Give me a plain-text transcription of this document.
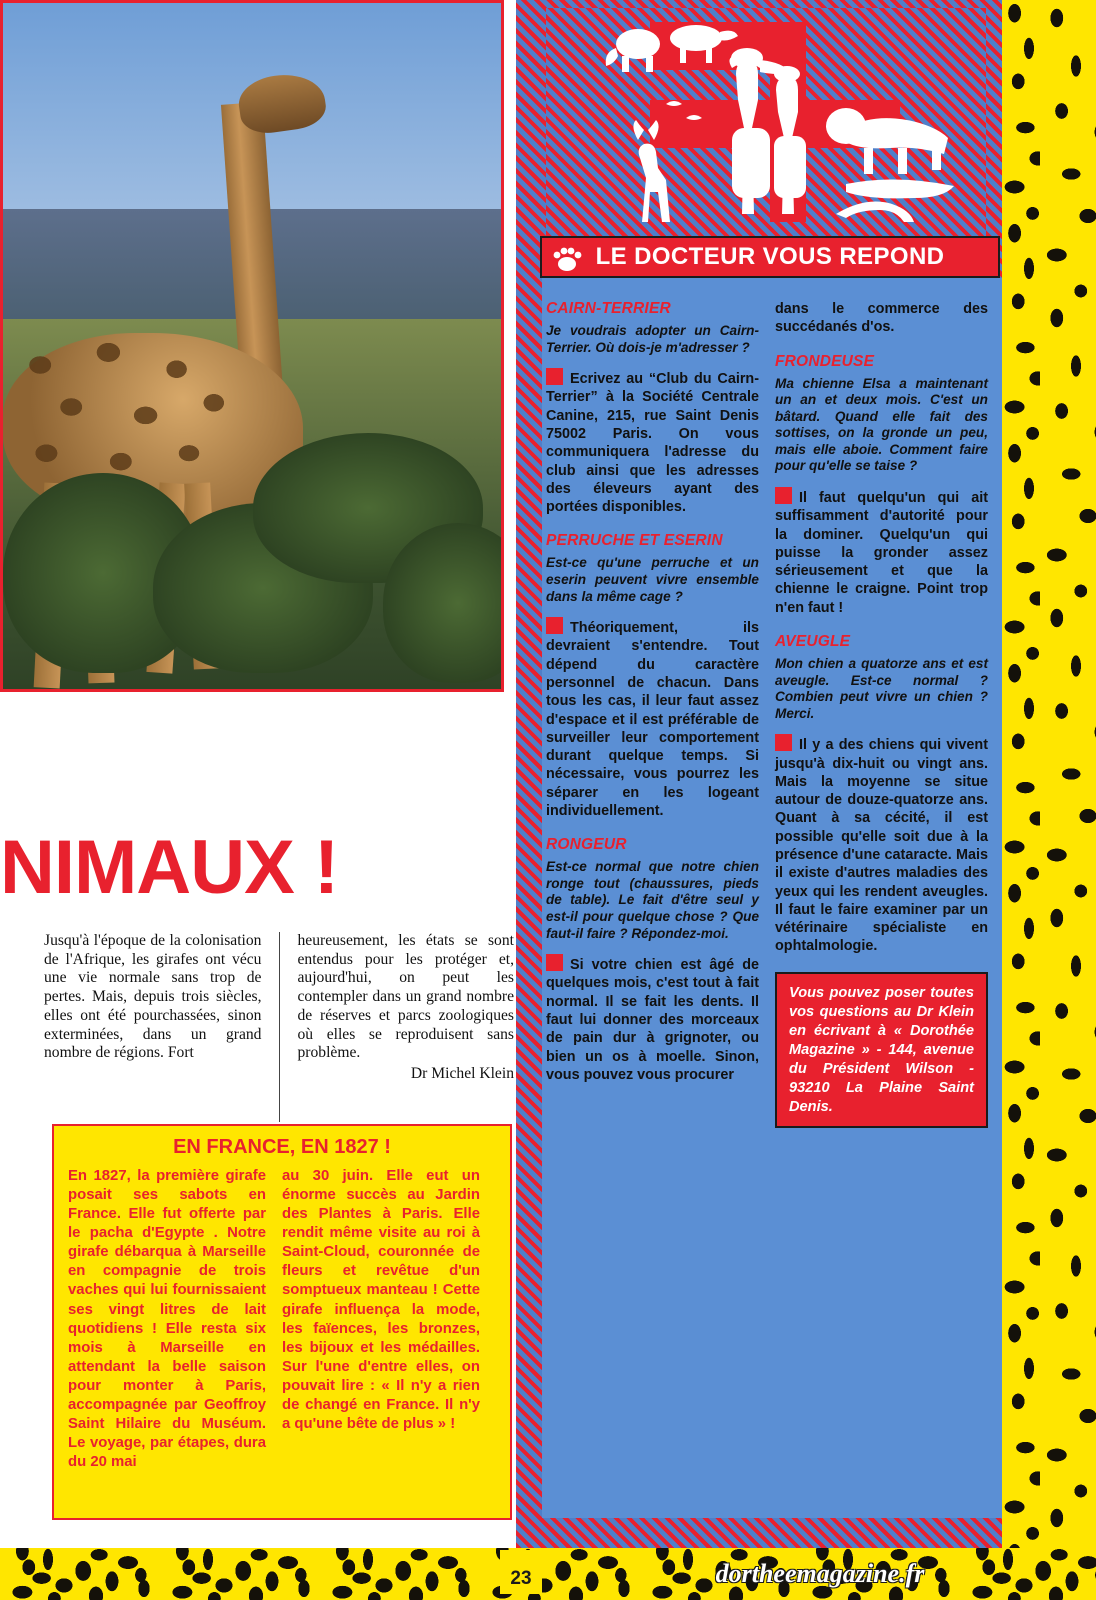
NIMAUX !

Jusqu'à l'époque de la colonisation de l'Afrique, les girafes ont vécu une vie normale sans trop de pertes. Mais, depuis trois siècles, elles ont été pourchassées, sinon exterminées, dans un grand nombre de régions. Fort

heureusement, les états se sont entendus pour les protéger et, aujourd'hui, on peut les contempler dans un grand nombre de réserves et parcs zoologiques où elles se reproduisent sans problème.

Dr Michel Klein

EN FRANCE, EN 1827 !

En 1827, la première girafe posait ses sabots en France. Elle fut offerte par le pacha d'Egypte . Notre girafe débarqua à Marseille en compagnie de trois vaches qui lui fournissaient ses vingt litres de lait quotidiens ! Elle resta six mois à Marseille en attendant la belle saison pour monter à Paris, accompagnée par Geoffroy Saint Hilaire du Muséum. Le voyage, par étapes, dura du 20 mai

au 30 juin. Elle eut un énorme succès au Jardin des Plantes à Paris. Elle rendit même visite au roi à Saint-Cloud, couronnée de fleurs et revêtue d'un somptueux manteau ! Cette girafe influença la mode, les faïences, les bronzes, les bijoux et les médailles. Sur l'une d'entre elles, on pouvait lire : « Il n'y a rien de changé en France. Il n'y a qu'une bête de plus » !

LE DOCTEUR VOUS REPOND
CAIRN-TERRIER

Je voudrais adopter un Cairn-Terrier. Où dois-je m'adresser ?

Ecrivez au “Club du Cairn-Terrier” à la Société Centrale Canine, 215, rue Saint Denis 75002 Paris. On vous communiquera l'adresse du club ainsi que les adresses des éleveurs ayant des portées disponibles.

PERRUCHE ET ESERIN

Est-ce qu'une perruche et un eserin peuvent vivre ensemble dans la même cage ?

Théoriquement, ils devraient s'entendre. Tout dépend du caractère personnel de chacun. Dans tous les cas, il leur faut assez d'espace et il est préférable de surveiller leur comportement durant quelque temps. Si nécessaire, vous pourrez les séparer en les logeant individuellement.

RONGEUR

Est-ce normal que notre chien ronge tout (chaussures, pieds de table). Le fait d'être seul y est-il pour quelque chose ? Que faut-il faire ? Répondez-moi.

Si votre chien est âgé de quelques mois, c'est tout à fait normal. Il se fait les dents. Il faut lui donner des morceaux de pain dur à grignoter, ou bien un os à moelle. Sinon, vous pouvez vous procurer

dans le commerce des succédanés d'os.

FRONDEUSE

Ma chienne Elsa a maintenant un an et deux mois. C'est un bâtard. Quand elle fait des sottises, on la gronde un peu, mais elle aboie. Comment faire pour qu'elle se taise ?

Il faut quelqu'un qui ait suffisamment d'autorité pour la dominer. Quelqu'un qui puisse la gronder assez sérieusement et que la chienne le craigne. Point trop n'en faut !

AVEUGLE

Mon chien a quatorze ans et est aveugle. Est-ce normal ? Combien peut vivre un chien ? Merci.

Il y a des chiens qui vivent jusqu'à dix-huit ou vingt ans. Mais la moyenne se situe autour de douze-quatorze ans. Quant à sa cécité, il est possible qu'elle soit due à la présence d'une cataracte. Mais il existe d'autres maladies des yeux qui les rendent aveugles. Il faut le faire examiner par un vétérinaire spécialiste en ophtalmologie.

Vous pouvez poser toutes vos questions au Dr Klein en écrivant à « Dorothée Magazine » - 144, avenue du Président Wilson - 93210 La Plaine Saint Denis.

23	dortheemagazine.fr
